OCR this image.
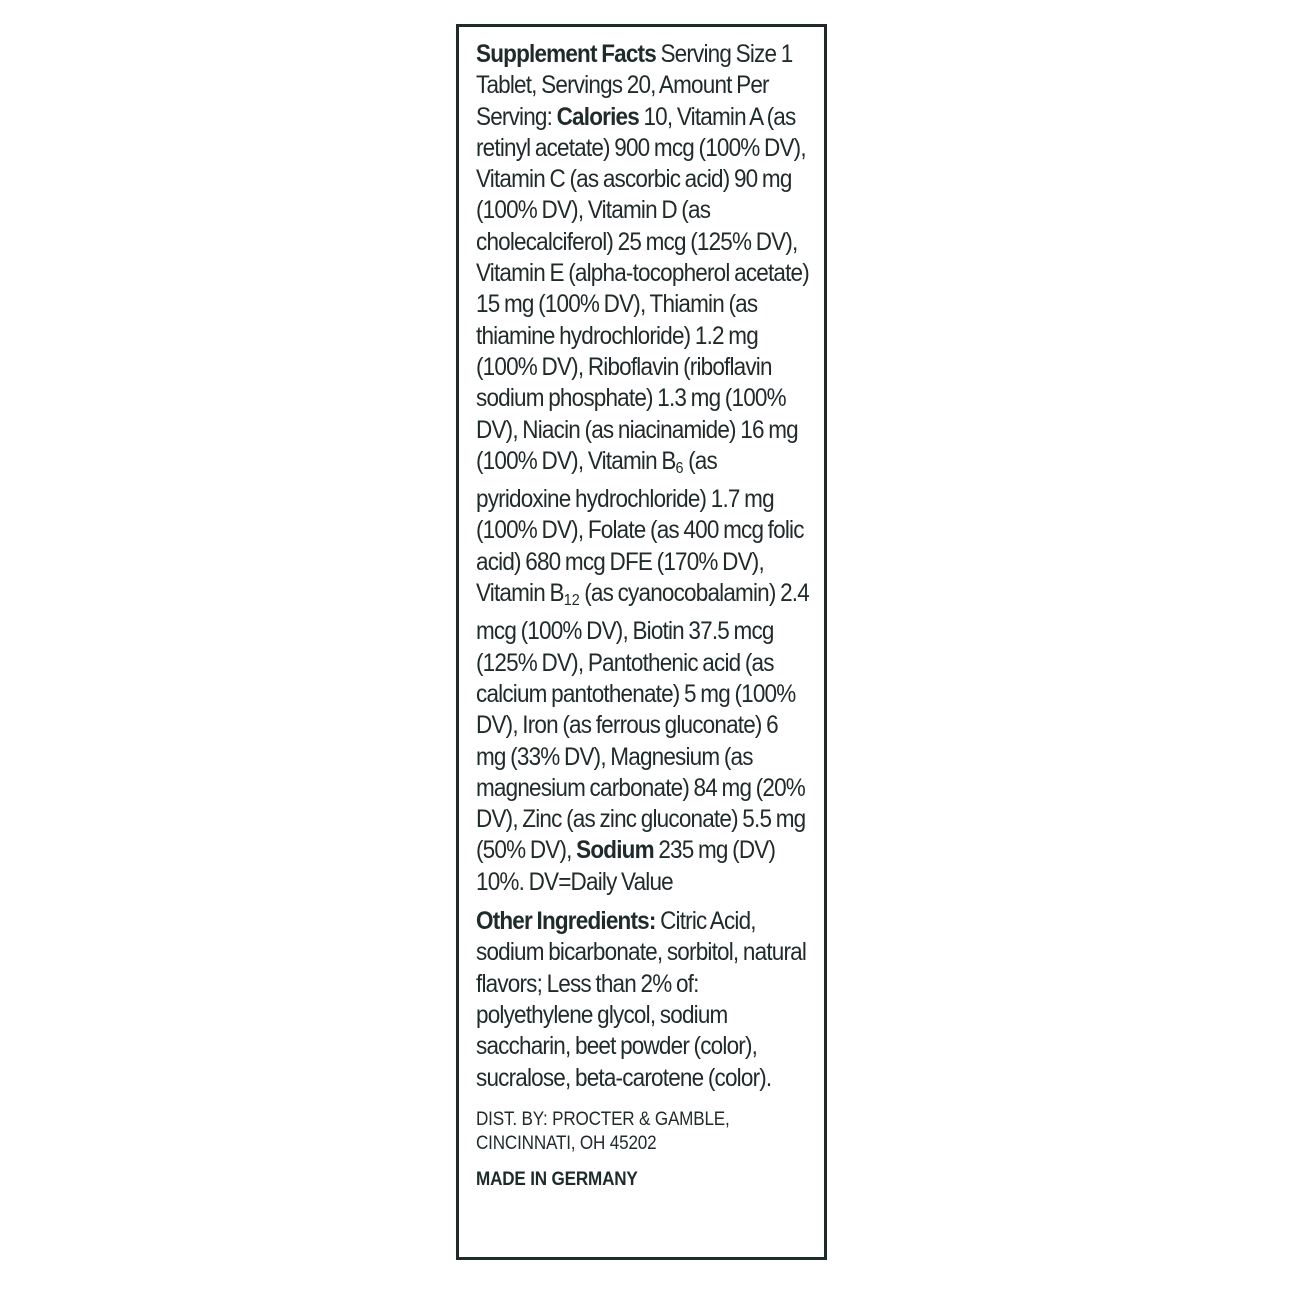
Supplement Facts Serving Size 1 Tablet, Servings 20, Amount Per Serving: Calories 10, Vitamin A (as retinyl acetate) 900 mcg (100% DV), Vitamin C (as ascorbic acid) 90 mg (100% DV), Vitamin D (as cholecalciferol) 25 mcg (125% DV), Vitamin E (alpha-tocopherol acetate) 15 mg (100% DV), Thiamin (as thiamine hydrochloride) 1.2 mg (100% DV), Riboflavin (riboflavin sodium phosphate) 1.3 mg (100% DV), Niacin (as niacinamide) 16 mg (100% DV), Vitamin $B_6$ (as pyridoxine hydrochloride) 1.7 mg (100% DV), Folate (as 400 mcg folic acid) 680 mcg DFE (170% DV), Vitamin $B_{12}$ (as cyanocobalamin) 2.4 mcg (100% DV), Biotin 37.5 mcg (125% DV), Pantothenic acid (as calcium pantothenate) 5 mg (100% DV), Iron (as ferrous gluconate) 6 mg (33% DV), Magnesium (as magnesium carbonate) 84 mg (20% DV), Zinc (as zinc gluconate) 5.5 mg (50% DV), Sodium 235 mg (DV) 10%. DV=Daily Value

Other Ingredients: Citric Acid, sodium bicarbonate, sorbitol, natural flavors; Less than 2% of: polyethylene glycol, sodium saccharin, beet powder (color), sucralose, beta-carotene (color).

DIST. BY: PROCTER & GAMBLE,
CINCINNATI, OH 45202
MADE IN GERMANY
